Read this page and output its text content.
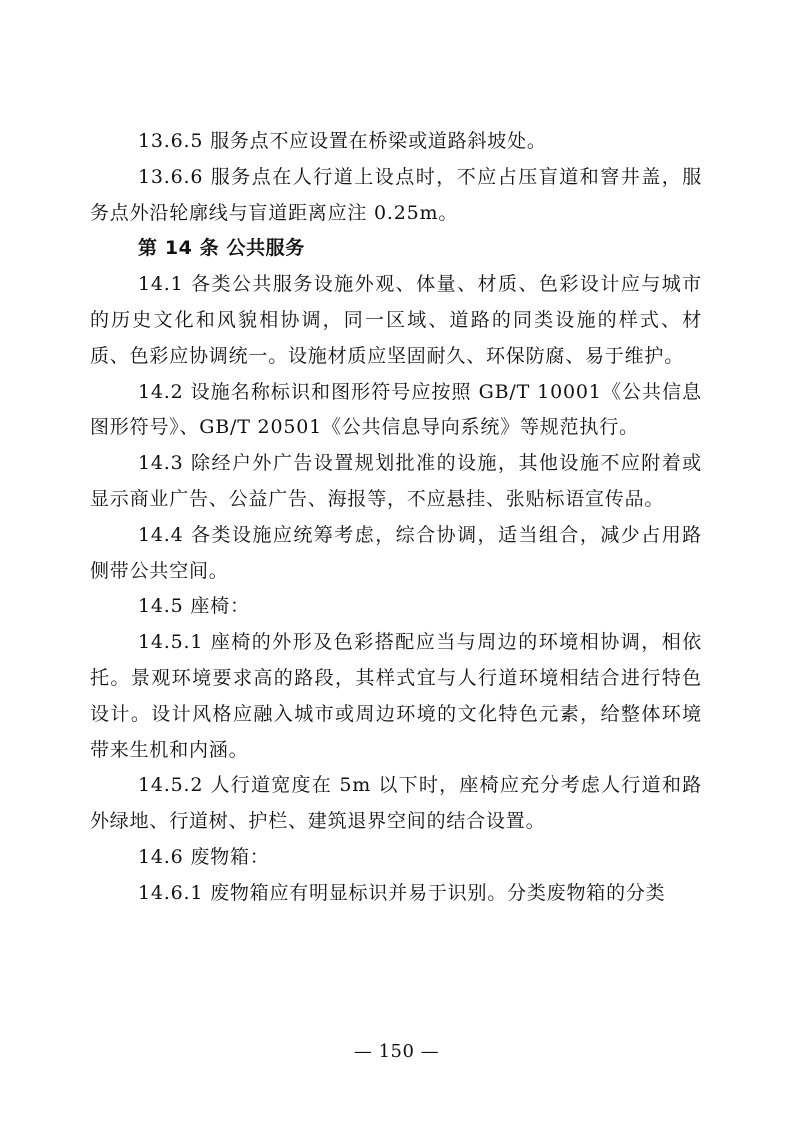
13.6.5 服务点不应设置在桥梁或道路斜坡处。

13.6.6 服务点在人行道上设点时，不应占压盲道和窨井盖，服务点外沿轮廓线与盲道距离应注 0.25m。

第 14 条 公共服务

14.1 各类公共服务设施外观、体量、材质、色彩设计应与城市的历史文化和风貌相协调，同一区域、道路的同类设施的样式、材质、色彩应协调统一。设施材质应坚固耐久、环保防腐、易于维护。

14.2 设施名称标识和图形符号应按照 GB/T 10001《公共信息图形符号》、GB/T 20501《公共信息导向系统》等规范执行。

14.3 除经户外广告设置规划批准的设施，其他设施不应附着或显示商业广告、公益广告、海报等，不应悬挂、张贴标语宣传品。

14.4 各类设施应统筹考虑，综合协调，适当组合，减少占用路侧带公共空间。

14.5 座椅：

14.5.1 座椅的外形及色彩搭配应当与周边的环境相协调，相依托。景观环境要求高的路段，其样式宜与人行道环境相结合进行特色设计。设计风格应融入城市或周边环境的文化特色元素，给整体环境带来生机和内涵。

14.5.2 人行道宽度在 5m 以下时，座椅应充分考虑人行道和路外绿地、行道树、护栏、建筑退界空间的结合设置。

14.6 废物箱：

14.6.1 废物箱应有明显标识并易于识别。分类废物箱的分类

— 150 —
